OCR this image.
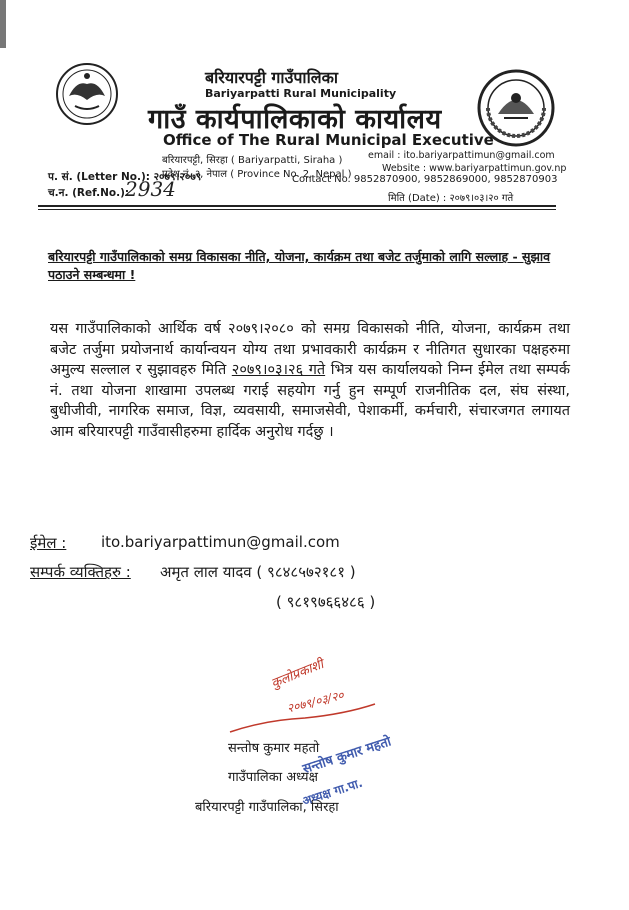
बरियारपट्टी गाउँपालिका
Bariyarpatti Rural Municipality
गाउँ कार्यपालिकाको कार्यालय
Office of The Rural Municipal Executive
बरियारपट्टी, सिरहा ( Bariyarpatti, Siraha )
प्रदेश नं. २, नेपाल ( Province No. 2, Nepal )
email : ito.bariyarpattimun@gmail.com
Website : www.bariyarpattimun.gov.np
Contact No. 9852870900, 9852869000, 9852870903
मिति (Date) : २०७९।०३।२० गते
प. सं. (Letter No.): २०७९।२०७९
च.न. (Ref.No.):
2934
बरियारपट्टी गाउँपालिकाको समग्र विकासका नीति, योजना, कार्यक्रम तथा बजेट तर्जुमाको लागि सल्लाह - सुझाव पठाउने सम्बन्धमा !
यस गाउँपालिकाको आर्थिक वर्ष २०७९।२०८० को समग्र विकासको नीति, योजना, कार्यक्रम तथा बजेट तर्जुमा प्रयोजनार्थ कार्यान्वयन योग्य तथा प्रभावकारी कार्यक्रम र नीतिगत सुधारका पक्षहरुमा अमुल्य सल्लाल र सुझावहरु मिति २०७९।०३।२६ गते भित्र यस कार्यालयको निम्न ईमेल तथा सम्पर्क नं. तथा योजना शाखामा उपलब्ध गराई सहयोग गर्नु हुन सम्पूर्ण राजनीतिक दल, संघ संस्था, बुधीजीवी, नागरिक समाज, विज्ञ, व्यवसायी, समाजसेवी, पेशाकर्मी, कर्मचारी, संचारजगत लगायत आम बरियारपट्टी गाउँवासीहरुमा हार्दिक अनुरोध गर्दछु ।
ईमेल : ito.bariyarpattimun@gmail.com
सम्पर्क व्यक्तिहरु : अमृत लाल यादव ( ९८४८५७२१८१ )
( ९८१९७६६४८६ )
कुलोप्रकाशी
२०७९/०३/२०
सन्तोष कुमार महतो
गाउँपालिका अध्यक्ष
बरियारपट्टी गाउँपालिका, सिरहा
सन्तोष कुमार महतो
अध्यक्ष गा.पा.
